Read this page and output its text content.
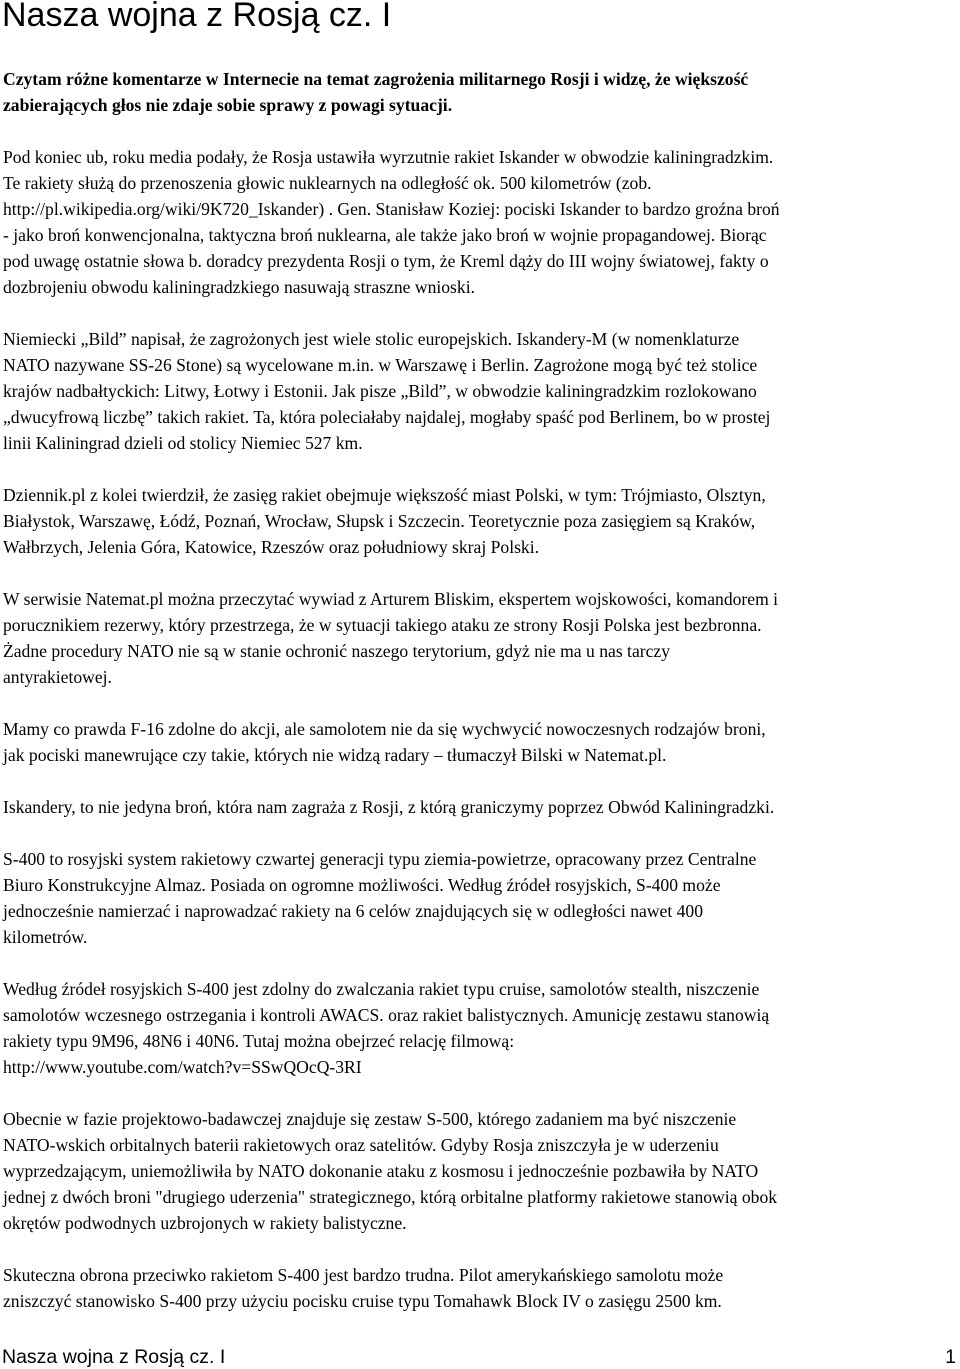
Nasza wojna z Rosją cz. I

Czytam różne komentarze w Internecie na temat zagrożenia militarnego Rosji i widzę, że większość
zabierających głos nie zdaje sobie sprawy z powagi sytuacji.

Pod koniec ub, roku media podały, że Rosja ustawiła wyrzutnie rakiet Iskander w obwodzie kaliningradzkim.
Te rakiety służą do przenoszenia głowic nuklearnych na odległość ok. 500 kilometrów (zob.
http://pl.wikipedia.org/wiki/9K720_Iskander) . Gen. Stanisław Koziej: pociski Iskander to bardzo groźna broń
- jako broń konwencjonalna, taktyczna broń nuklearna, ale także jako broń w wojnie propagandowej. Biorąc
pod uwagę ostatnie słowa b. doradcy prezydenta Rosji o tym, że Kreml dąży do III wojny światowej, fakty o
dozbrojeniu obwodu kaliningradzkiego nasuwają straszne wnioski.

Niemiecki „Bild” napisał, że zagrożonych jest wiele stolic europejskich. Iskandery-M (w nomenklaturze
NATO nazywane SS-26 Stone) są wycelowane m.in. w Warszawę i Berlin. Zagrożone mogą być też stolice
krajów nadbałtyckich: Litwy, Łotwy i Estonii. Jak pisze „Bild”, w obwodzie kaliningradzkim rozlokowano
„dwucyfrową liczbę” takich rakiet. Ta, która poleciałaby najdalej, mogłaby spaść pod Berlinem, bo w prostej
linii Kaliningrad dzieli od stolicy Niemiec 527 km.

Dziennik.pl z kolei twierdził, że zasięg rakiet obejmuje większość miast Polski, w tym: Trójmiasto, Olsztyn,
Białystok, Warszawę, Łódź, Poznań, Wrocław, Słupsk i Szczecin. Teoretycznie poza zasięgiem są Kraków,
Wałbrzych, Jelenia Góra, Katowice, Rzeszów oraz południowy skraj Polski.

W serwisie Natemat.pl można przeczytać wywiad z Arturem Bliskim, ekspertem wojskowości, komandorem i
porucznikiem rezerwy, który przestrzega, że w sytuacji takiego ataku ze strony Rosji Polska jest bezbronna.
Żadne procedury NATO nie są w stanie ochronić naszego terytorium, gdyż nie ma u nas tarczy
antyrakietowej.

Mamy co prawda F-16 zdolne do akcji, ale samolotem nie da się wychwycić nowoczesnych rodzajów broni,
jak pociski manewrujące czy takie, których nie widzą radary – tłumaczył Bilski w Natemat.pl.

Iskandery, to nie jedyna broń, która nam zagraża z Rosji, z którą graniczymy poprzez Obwód Kaliningradzki.

S-400 to rosyjski system rakietowy czwartej generacji typu ziemia-powietrze, opracowany przez Centralne
Biuro Konstrukcyjne Almaz. Posiada on ogromne możliwości. Według źródeł rosyjskich, S-400 może
jednocześnie namierzać i naprowadzać rakiety na 6 celów znajdujących się w odległości nawet 400
kilometrów.

Według źródeł rosyjskich S-400 jest zdolny do zwalczania rakiet typu cruise, samolotów stealth, niszczenie
samolotów wczesnego ostrzegania i kontroli AWACS. oraz rakiet balistycznych. Amunicję zestawu stanowią
rakiety typu 9M96, 48N6 i 40N6. Tutaj można obejrzeć relację filmową:
http://www.youtube.com/watch?v=SSwQOcQ-3RI

Obecnie w fazie projektowo-badawczej znajduje się zestaw S-500, którego zadaniem ma być niszczenie
NATO-wskich orbitalnych baterii rakietowych oraz satelitów. Gdyby Rosja zniszczyła je w uderzeniu
wyprzedzającym, uniemożliwiła by NATO dokonanie ataku z kosmosu i jednocześnie pozbawiła by NATO
jednej z dwóch broni "drugiego uderzenia" strategicznego, którą orbitalne platformy rakietowe stanowią obok
okrętów podwodnych uzbrojonych w rakiety balistyczne.

Skuteczna obrona przeciwko rakietom S-400 jest bardzo trudna. Pilot amerykańskiego samolotu może
zniszczyć stanowisko S-400 przy użyciu pocisku cruise typu Tomahawk Block IV o zasięgu 2500 km.

Nasza wojna z Rosją cz. I	1
